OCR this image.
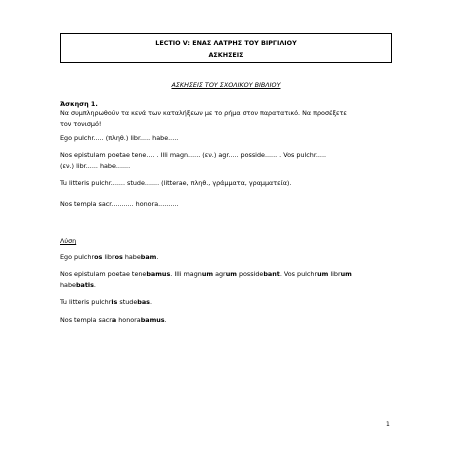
LECTIO V: ΕΝΑΣ ΛΑΤΡΗΣ ΤΟΥ ΒΙΡΓΙΛΙΟΥ
ΑΣΚΗΣΕΙΣ
ΑΣΚΗΣΕΙΣ ΤΟΥ ΣΧΟΛΙΚΟΥ ΒΙΒΛΙΟΥ
Άσκηση 1.
Να συμπληρωθούν τα κενά των καταλήξεων με το ρήμα στον παρατατικό. Να προσέξετε
τον τονισμό!
Ego pulchr..... (πληθ.) libr..... habe.....
Nos epistulam poetae tene.... . Illi magn...... (εν.) agr..... posside...... . Vos pulchr.....
(εν.) libr...... habe.......
Tu litteris pulchr....... stude....... (litterae, πληθ., γράμματα, γραμματεία).
Nos templa sacr........... honora..........
Λύση
Ego pulchros libros habebam.
Nos epistulam poetae tenebamus. Illi magnum agrum possidebant. Vos pulchrum librum
habebatis.
Tu litteris pulchris studebas.
Nos templa sacra honorabamus.
1
